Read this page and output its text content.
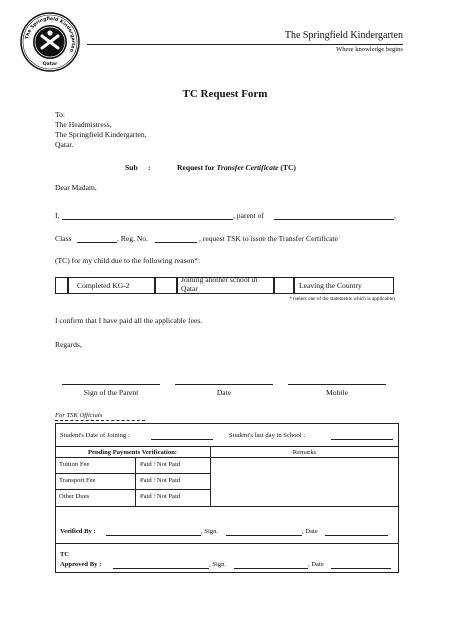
The Springfield Kindergarten
Qatar
The Springfield Kindergarten
Where knowledge begins
TC Request Form
To:
The Headmistress,
The Springfield Kindergarten,
Qatar.
Sub :	Request for Transfer Certificate (TC)
Dear Madam,
I,	, parent of	,
Class	, Reg. No.	, request TSK to issue the Transfer Certificate
(TC) for my child due to the following reason*:
Completed KG-2
Joining another school in Qatar	Leaving the Country
* (select one of the statements which is applicable)
I confirm that I have paid all the applicable fees.
Regards,
Sign of the Parent	Date	Mobile
For TSK Officials
Student's Date of Joining :	Student's last day in School :
Pending Payments Verification:	Remarks
Tuition Fee	Paid / Not Paid
Transport Fee	Paid / Not Paid
Other Dues	Paid / Not Paid
Verified By :	, Sign.	, Date
TC
Approved By :	, Sign.	, Date
